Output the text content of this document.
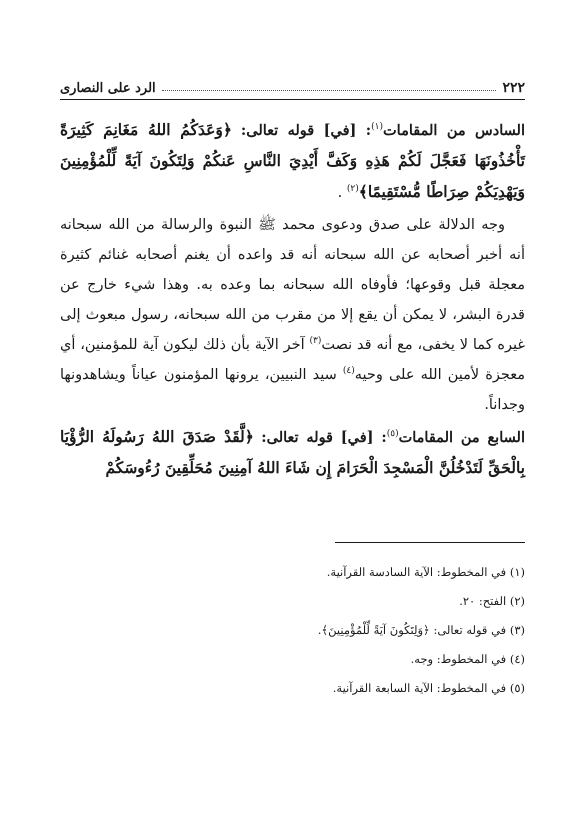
٢٢٢
الرد على النصارى

السادس من المقامات$^{(١)}$: [في] قوله تعالى: ﴿وَعَدَكُمُ اللهُ مَغَانِمَ كَثِيرَةً تَأْخُذُونَهَا فَعَجَّلَ لَكُمْ هَذِهِ وَكَفَّ أَيْدِيَ النَّاسِ عَنكُمْ وَلِتَكُونَ آيَةً لِّلْمُؤْمِنِينَ وَيَهْدِيَكُمْ صِرَاطًا مُّسْتَقِيمًا﴾$^{(٢)}$ .

وجه الدلالة على صدق ودعوى محمد ﷺ النبوة والرسالة من الله سبحانه أنه أخبر أصحابه عن الله سبحانه أنه قد واعده أن يغنم أصحابه غنائم كثيرة معجلة قبل وقوعها؛ فأوفاه الله سبحانه بما وعده به. وهذا شيء خارج عن قدرة البشر، لا يمكن أن يقع إلا من مقرب من الله سبحانه، رسول مبعوث إلى غيره كما لا يخفى، مع أنه قد نصت$^{(٣)}$ آخر الآية بأن ذلك ليكون آية للمؤمنين، أي معجزة لأمين الله على وحيه$^{(٤)}$ سيد النبيين، يرونها المؤمنون عياناً ويشاهدونها وجداناً.

السابع من المقامات$^{(٥)}$: [في] قوله تعالى: ﴿لَّقَدْ صَدَقَ اللهُ رَسُولَهُ الرُّؤْيَا بِالْحَقِّ لَتَدْخُلُنَّ الْمَسْجِدَ الْحَرَامَ إِن شَاءَ اللهُ آمِنِينَ مُحَلِّقِينَ رُءُوسَكُمْ

(١) في المخطوط: الآية السادسة القرآنية.
(٢) الفتح: ٢٠.
(٣) في قوله تعالى: ﴿وَلِتَكُونَ آيَةً لِّلْمُؤْمِنِينَ﴾.
(٤) في المخطوط: وجه.
(٥) في المخطوط: الآية السابعة القرآنية.
